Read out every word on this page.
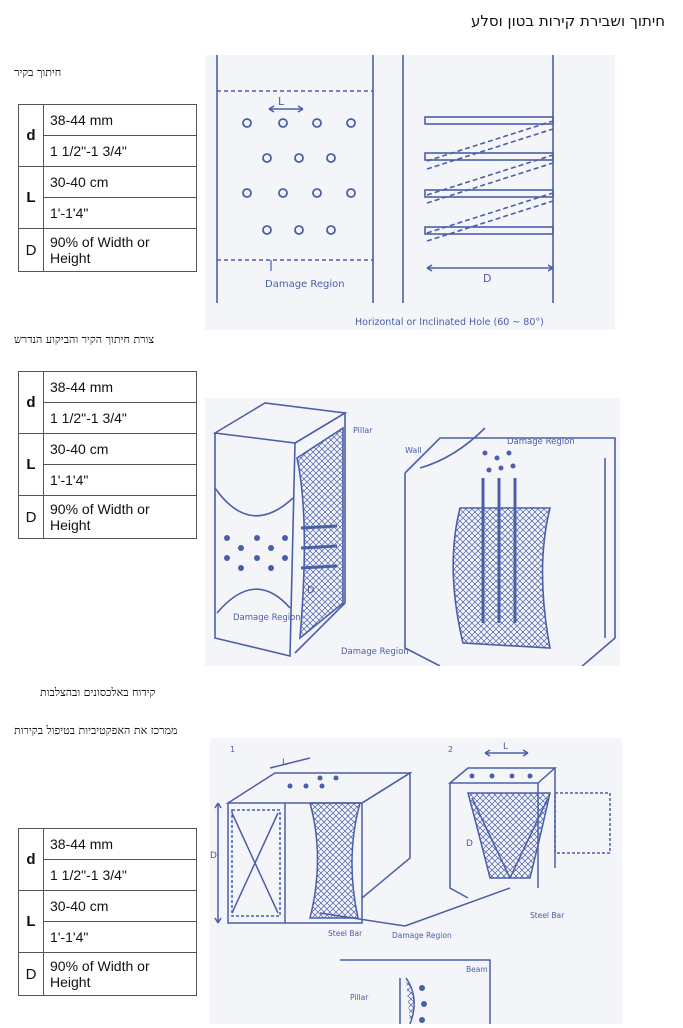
חיתוך ושבירת קירות בטון וסלע
חיתוך בקיר
d	38-44 mm
	1 1/2"-1 3/4"
L	30-40 cm
	1'-1'4"
D	90% of Width or Height
L
Damage Region	D
Horizontal or Inclinated Hole (60 ~ 80°)
צורת חיתוך הקיר והביקוע הנדרש
d	38-44 mm
	1 1/2"-1 3/4"
L	30-40 cm
	1'-1'4"
D	90% of Width or Height
Pillar
Wall
Damage Region
Damage Region
Damage Region
D
קידוח באלכסונים ובהצלבות
ממרכז את האפקטיביות בטיפול בקירות
d	38-44 mm
	1 1/2"-1 3/4"
L	30-40 cm
	1'-1'4"
D	90% of Width or Height
1	2
L
L
D
D
Steel Bar
Steel Bar
Damage Region
Beam
Pillar
